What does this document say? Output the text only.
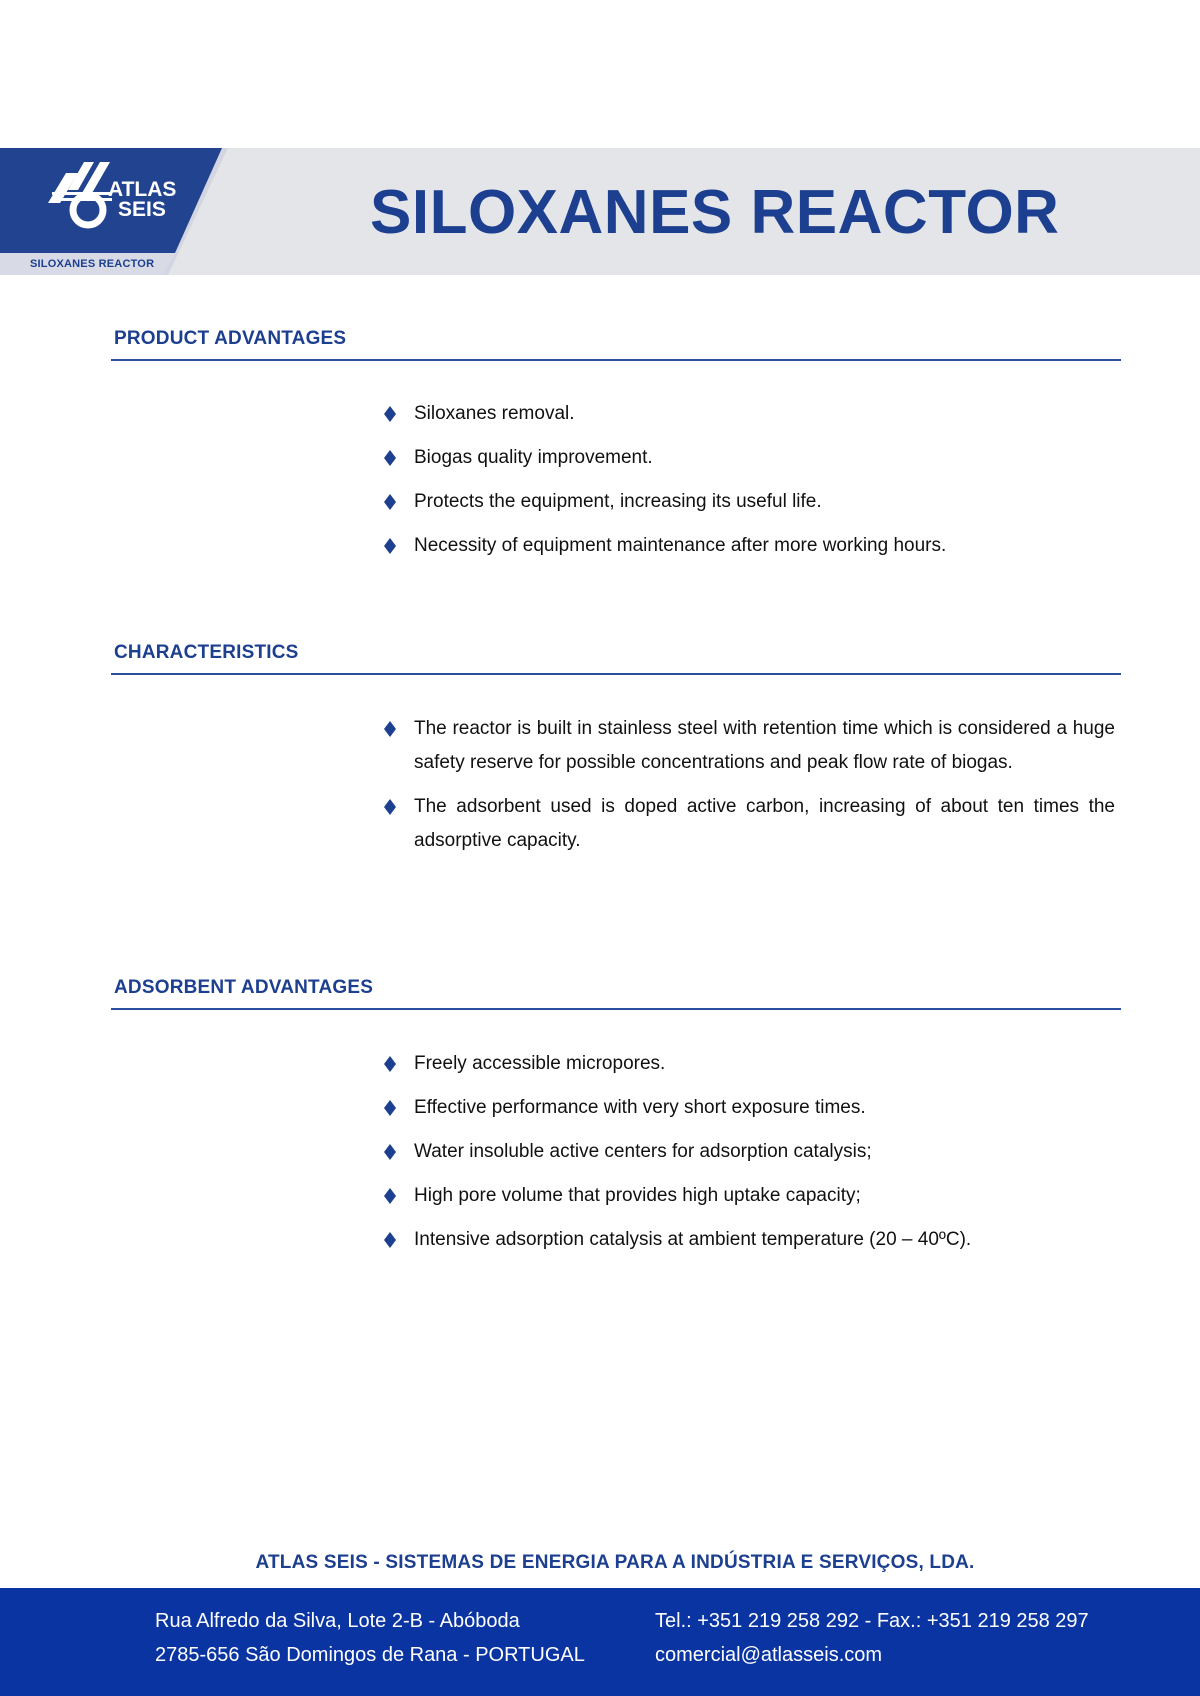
ATLAS
SEIS
SILOXANES REACTOR
SILOXANES REACTOR
PRODUCT ADVANTAGES
Siloxanes removal.
Biogas quality improvement.
Protects the equipment, increasing its useful life.
Necessity of equipment maintenance after more working hours.
CHARACTERISTICS
The reactor is built in stainless steel with retention time which is considered a huge safety reserve for possible concentrations and peak flow rate of biogas.
The adsorbent used is doped active carbon, increasing of about ten times the adsorptive capacity.
ADSORBENT ADVANTAGES
Freely accessible micropores.
Effective performance with very short exposure times.
Water insoluble active centers for adsorption catalysis;
High pore volume that provides high uptake capacity;
Intensive adsorption catalysis at ambient temperature (20 – 40ºC).
ATLAS SEIS - SISTEMAS DE ENERGIA PARA A INDÚSTRIA E SERVIÇOS, LDA.
Rua Alfredo da Silva, Lote 2-B - Abóboda
2785-656 São Domingos de Rana - PORTUGAL
Tel.: +351 219 258 292 - Fax.: +351 219 258 297
comercial@atlasseis.com
